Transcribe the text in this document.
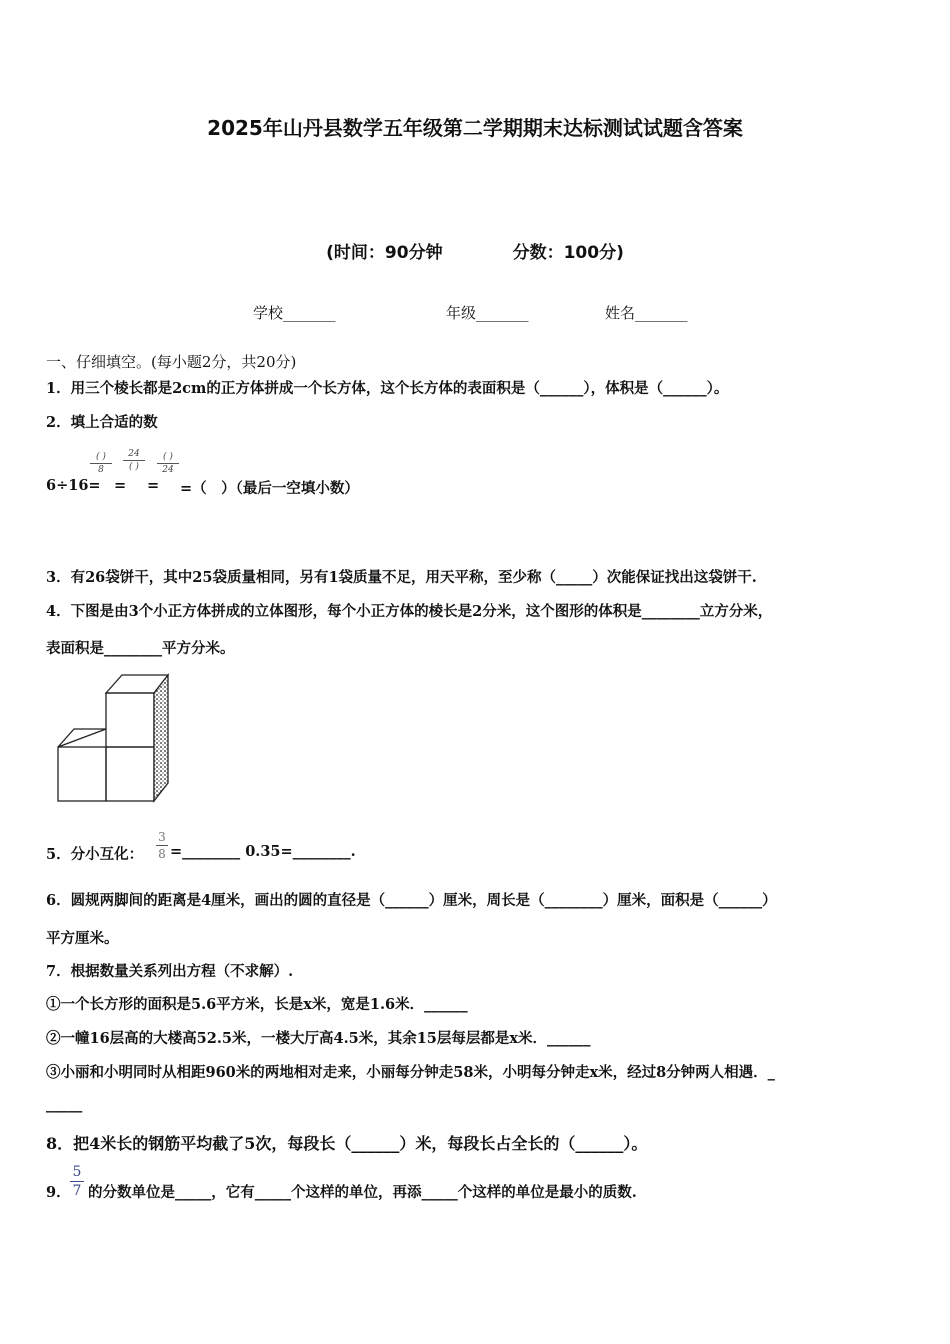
2025年山丹县数学五年级第二学期期末达标测试试题含答案
(时间：90分钟	分数：100分)
学校_______	年级_______	姓名_______
一、仔细填空。(每小题2分，共20分)
1．用三个棱长都是2cm的正方体拼成一个长方体，这个长方体的表面积是（______），体积是（______）。
2．填上合适的数
6÷16=
( )
8
=
24
( )
=
( )
24
=（　）（最后一空填小数）
3．有26袋饼干，其中25袋质量相同，另有1袋质量不足，用天平称，至少称（_____）次能保证找出这袋饼干.
4．下图是由3个小正方体拼成的立体图形，每个小正方体的棱长是2分米，这个图形的体积是________立方分米，
表面积是________平方分米。
5．分小互化：
3
8 =________ 0.35=________.
6．圆规两脚间的距离是4厘米，画出的圆的直径是（______）厘米，周长是（________）厘米，面积是（______）
平方厘米。
7．根据数量关系列出方程（不求解）.
①一个长方形的面积是5.6平方米，长是x米，宽是1.6米．______
②一幢16层高的大楼高52.5米，一楼大厅高4.5米，其余15层每层都是x米．______
③小丽和小明同时从相距960米的两地相对走来，小丽每分钟走58米，小明每分钟走x米，经过8分钟两人相遇．_
_____
8．把4米长的钢筋平均截了5次，每段长（______）米，每段长占全长的（______）。
9．
5
7 的分数单位是_____，它有_____个这样的单位，再添_____个这样的单位是最小的质数.
